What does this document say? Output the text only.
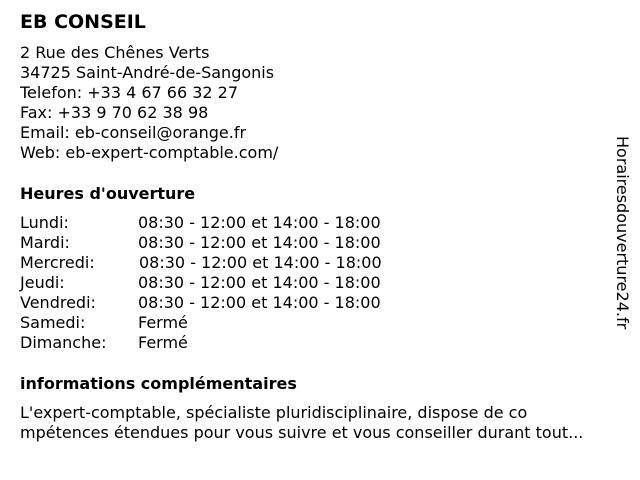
EB CONSEIL
2 Rue des Chênes Verts
34725 Saint-André-de-Sangonis
Telefon: +33 4 67 66 32 27
Fax: +33 9 70 62 38 98
Email: eb-conseil@orange.fr
Web: eb-expert-comptable.com/
Heures d'ouverture
Lundi:	08:30 - 12:00 et 14:00 - 18:00
Mardi:	08:30 - 12:00 et 14:00 - 18:00
Mercredi:	08:30 - 12:00 et 14:00 - 18:00
Jeudi:	08:30 - 12:00 et 14:00 - 18:00
Vendredi:	08:30 - 12:00 et 14:00 - 18:00
Samedi:	Fermé
Dimanche: Fermé
informations complémentaires
L'expert-comptable, spécialiste pluridisciplinaire, dispose de co
mpétences étendues pour vous suivre et vous conseiller durant tout...
Horairesdouverture24.fr
